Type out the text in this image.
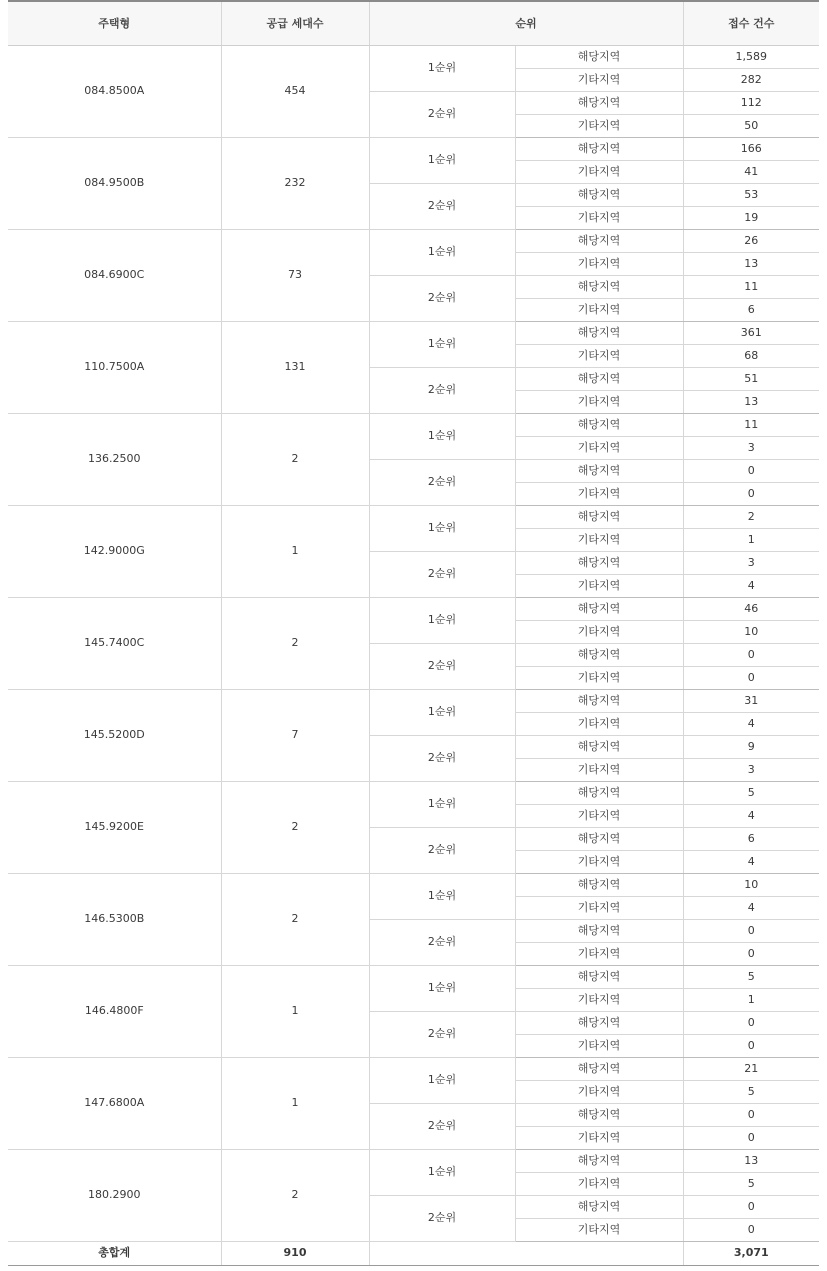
주택형	공급 세대수	순위		접수 건수
084.8500A	454	1순위	해당지역	1,589
			기타지역	282
		2순위	해당지역	112
			기타지역	50
084.9500B	232	1순위	해당지역	166
			기타지역	41
		2순위	해당지역	53
			기타지역	19
084.6900C	73	1순위	해당지역	26
			기타지역	13
		2순위	해당지역	11
			기타지역	6
110.7500A	131	1순위	해당지역	361
			기타지역	68
		2순위	해당지역	51
			기타지역	13
136.2500	2	1순위	해당지역	11
			기타지역	3
		2순위	해당지역	0
			기타지역	0
142.9000G	1	1순위	해당지역	2
			기타지역	1
		2순위	해당지역	3
			기타지역	4
145.7400C	2	1순위	해당지역	46
			기타지역	10
		2순위	해당지역	0
			기타지역	0
145.5200D	7	1순위	해당지역	31
			기타지역	4
		2순위	해당지역	9
			기타지역	3
145.9200E	2	1순위	해당지역	5
			기타지역	4
		2순위	해당지역	6
			기타지역	4
146.5300B	2	1순위	해당지역	10
			기타지역	4
		2순위	해당지역	0
			기타지역	0
146.4800F	1	1순위	해당지역	5
			기타지역	1
		2순위	해당지역	0
			기타지역	0
147.6800A	1	1순위	해당지역	21
			기타지역	5
		2순위	해당지역	0
			기타지역	0
180.2900	2	1순위	해당지역	13
			기타지역	5
		2순위	해당지역	0
			기타지역	0
총합계	910			3,071
